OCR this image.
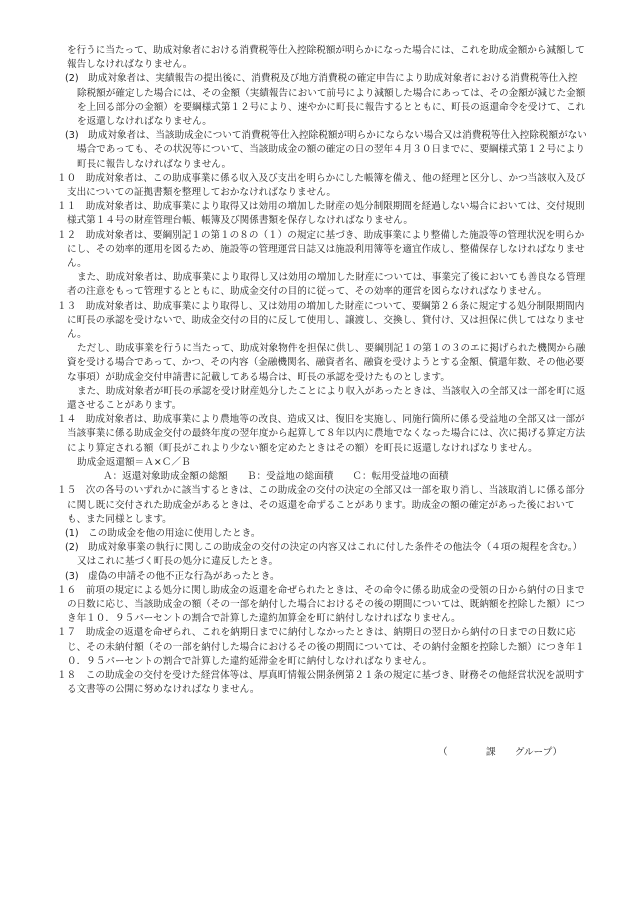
を行うに当たって、助成対象者における消費税等仕入控除税額が明らかになった場合には、これを助成金額から減額して報告しなければなりません。

(2)　助成対象者は、実績報告の提出後に、消費税及び地方消費税の確定申告により助成対象者における消費税等仕入控除税額が確定した場合には、その金額（実績報告において前号により減額した場合にあっては、その金額が減じた金額を上回る部分の金額）を要綱様式第１２号により、速やかに町長に報告するとともに、町長の返還命令を受けて、これを返還しなければなりません。

(3)　助成対象者は、当該助成金について消費税等仕入控除税額が明らかにならない場合又は消費税等仕入控除税額がない場合であっても、その状況等について、当該助成金の額の確定の日の翌年４月３０日までに、要綱様式第１２号により町長に報告しなければなりません。

１０　助成対象者は、この助成事業に係る収入及び支出を明らかにした帳簿を備え、他の経理と区分し、かつ当該収入及び支出についての証拠書類を整理しておかなければなりません。

１１　助成対象者は、助成事業により取得又は効用の増加した財産の処分制限期間を経過しない場合においては、交付規則様式第１４号の財産管理台帳、帳簿及び関係書類を保存しなければなりません。

１２　助成対象者は、要綱別記１の第１の８の（１）の規定に基づき、助成事業により整備した施設等の管理状況を明らかにし、その効率的運用を図るため、施設等の管理運営日誌又は施設利用簿等を適宜作成し、整備保存しなければなりません。

また、助成対象者は、助成事業により取得し又は効用の増加した財産については、事業完了後においても善良なる管理者の注意をもって管理するとともに、助成金交付の目的に従って、その効率的運営を図らなければなりません。

１３　助成対象者は、助成事業により取得し、又は効用の増加した財産について、要綱第２６条に規定する処分制限期間内に町長の承認を受けないで、助成金交付の目的に反して使用し、譲渡し、交換し、貸付け、又は担保に供してはなりません。

ただし、助成事業を行うに当たって、助成対象物件を担保に供し、要綱別記１の第１の３のエに掲げられた機関から融資を受ける場合であって、かつ、その内容（金融機関名、融資者名、融資を受けようとする金額、償還年数、その他必要な事項）が助成金交付申請書に記載してある場合は、町長の承認を受けたものとします。

また、助成対象者が町長の承認を受け財産処分したことにより収入があったときは、当該収入の全部又は一部を町に返還させることがあります。

１４　助成対象者は、助成事業により農地等の改良、造成又は、復旧を実施し、同施行箇所に係る受益地の全部又は一部が当該事業に係る助成金交付の最終年度の翌年度から起算して８年以内に農地でなくなった場合には、次に掲げる算定方法により算定される額（町長がこれより少ない額を定めたときはその額）を町長に返還しなければなりません。

助成金返還額＝Ａ×Ｃ／Ｂ

Ａ：返還対象助成金額の総額　　Ｂ：受益地の総面積　　Ｃ：転用受益地の面積

１５　次の各号のいずれかに該当するときは、この助成金の交付の決定の全部又は一部を取り消し、当該取消しに係る部分に関し既に交付された助成金があるときは、その返還を命ずることがあります。助成金の額の確定があった後においても、また同様とします。

(1)　この助成金を他の用途に使用したとき。

(2)　助成対象事業の執行に関しこの助成金の交付の決定の内容又はこれに付した条件その他法令（４項の規程を含む。）又はこれに基づく町長の処分に違反したとき。

(3)　虚偽の申請その他不正な行為があったとき。

１６　前項の規定による処分に関し助成金の返還を命ぜられたときは、その命令に係る助成金の受領の日から納付の日までの日数に応じ、当該助成金の額（その一部を納付した場合におけるその後の期間については、既納額を控除した額）につき年１０．９５パーセントの割合で計算した違約加算金を町に納付しなければなりません。

１７　助成金の返還を命ぜられ、これを納期日までに納付しなかったときは、納期日の翌日から納付の日までの日数に応じ、その未納付額（その一部を納付した場合におけるその後の期間については、その納付金額を控除した額）につき年１０．９５パーセントの割合で計算した違約延滞金を町に納付しなければなりません。

１８　この助成金の交付を受けた経営体等は、厚真町情報公開条例第２１条の規定に基づき、財務その他経営状況を説明する文書等の公開に努めなければなりません。

（　　　　課　　グループ）
